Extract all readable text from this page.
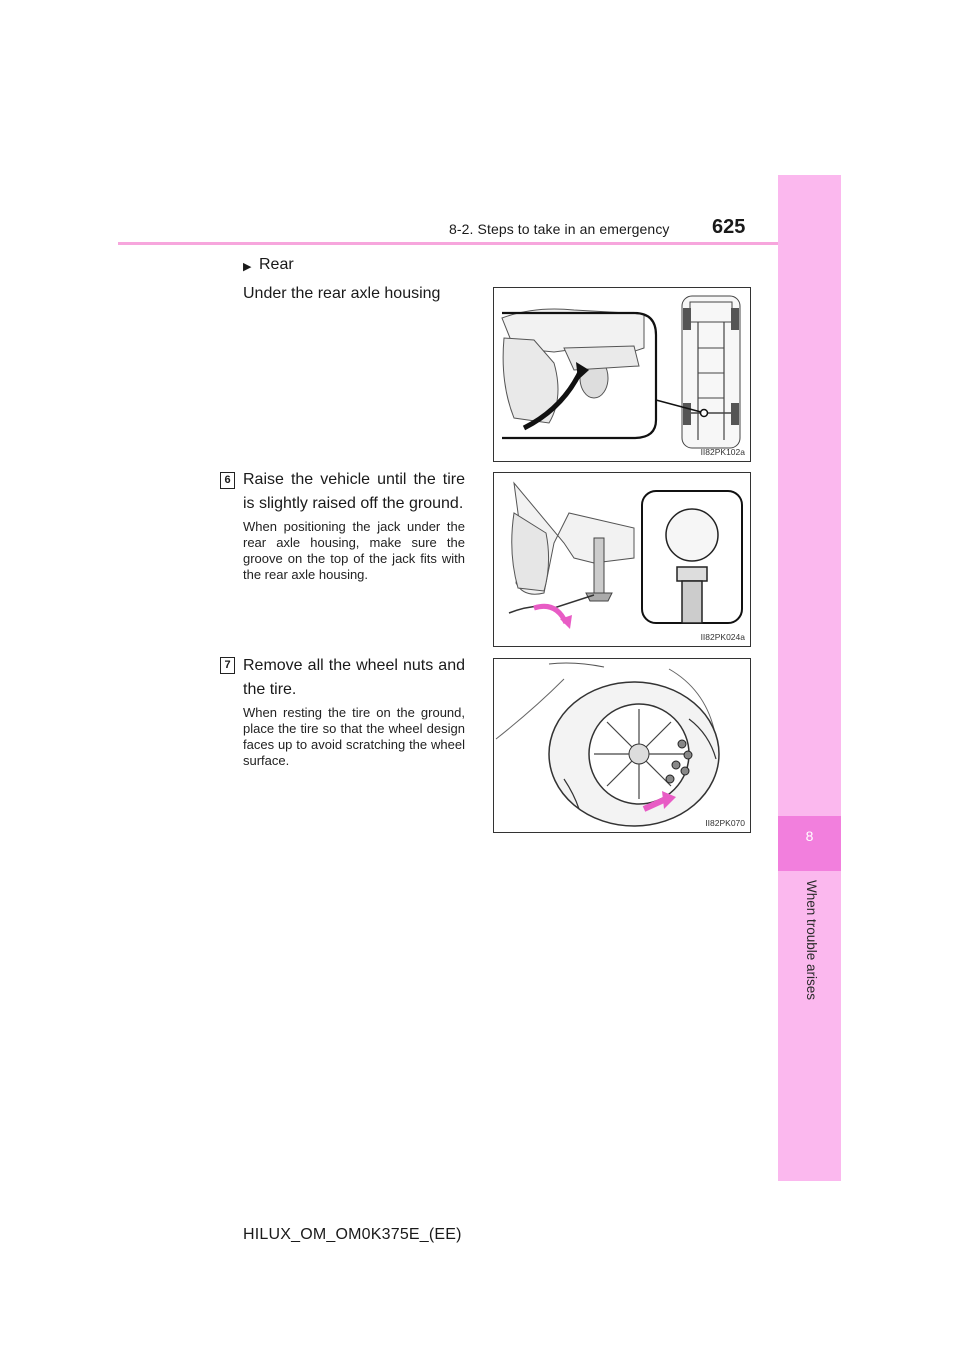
8-2. Steps to take in an emergency 625
8
When trouble arises
▶ Rear
Under the rear axle housing
II82PK102a
6 Raise the vehicle until the tire is slightly raised off the ground.
When positioning the jack under the rear axle housing, make sure the groove on the top of the jack fits with the rear axle housing.
II82PK024a
7 Remove all the wheel nuts and the tire.
When resting the tire on the ground, place the tire so that the wheel design faces up to avoid scratching the wheel surface.
II82PK070
HILUX_OM_OM0K375E_(EE)
